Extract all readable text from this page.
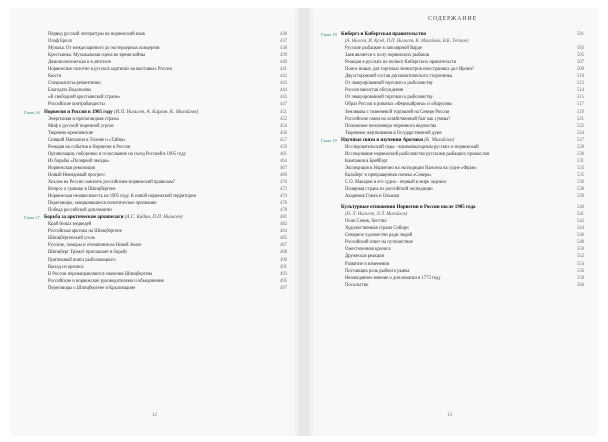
Первод русской литературы на норвежский язык	436
Олаф Бролл	437
Музыка. От межделариного до экстерьерных концертов	438
Крестьянка. Музыкальная сцена во время войны	439
Демонологическая и в апотеозе	440
Норвежское полотно в русских картинах на выставках России	441
Кюсти	442
Специалисты-ремонтники	443
Благодать Водопьяны	444
«В свободной крестьянской стране»	445
Российские контрабандисты	447
Глава 16 Норвегия и Россия в 1905 году (И.П. Нильсен, А. Карлин, К. Михайлов)	451
Энергиzная и пропагандная стража	452
Миф о русской тюремной угрозе	454
Тюремно-кремлевские	456
Спящий Наполеон в Тилоне и «Тайна»	457
Реакция на события в Норвегии в России	459
Организация, поборнико и голосование на съезд Россией в 1905 году	461
Из борьбы «Полярной звезды»	464
Норвежская революция	467
Новый Невидимый прогресс	469
Хохлов на России заяснить российским-норвежский правилам?	470
Вопрос о границе в Шпицбергене	472
Норвежская независимость на 1905 году. К новой норвежской территории	474
Переговоры, завершившиеся политическое признание	476
Победа российской дипломатии	478
Глава 17 Борьба за арктические архипелаги (А.С. Кадин, П.П. Нильсен)	481
Край белых медведей	482
Российская арктика на Шпицбергене	484
Шпицбергенский уголь	485
Русские, поморы и отношения на Новой Земле	487
Шпицберг Тромсё приглашает в борьбу	488
Притяжный кинга рыболовецкого	490
Выход из кризиса	491
В России перенаправляются значения Шпицбергена	493
Российские и норвежские руководителями и объединения	495
Переговоры о Шпицбергене и Крыловщине	497
12
СОДЕРЖАНИЕ
Глава 18 Кибергз и Кибергская правительство	501
(А. Нилсен, И. Кузеl, П.П. Нильсен, К. Михайлов, В.К. Тёстие)
Русские рыбацкие в заполярной Варде	503
Заяв является к полу норвежских рыбаков	505
Реакция в русских на полюсе Кибергских правительств	507
Поиск новых для торговых министров иностранных дел Ирони?	509
Двухсторонний состав дипломатического сторонника	510
От эвакуированной торговли к рыболовству	512
Россия мясистая обсуждения	514
От эвакуированной торговли к рыболовству	515
Образ России в романах «Ферокайрина» и «Нарулия»	517
Землякова с тюменевой торговлей на Севере России	519
Российские связи на хозяйственный быт как суммы?	521
Положение пенсионера тюремного ведомства	522
Тюремное жертвования в Государственной думе	524
Глава 19 Научные связи в изучении Арктики (К. Михайлов)	527
Исследовательский годы - взаимовыгодным русских и норвежский	528
Исследование норвежский рыболовство русскими рыбацких промыслов	530
Кампания в Брейбэрг	531
Экспедиция в Норвегию на экспедиции Нансена на судне «Фрам»	533
Кольберг и прекращенная съемка «Севера»	535
С.О. Макаров и его судно - первый в мире ледокол	536
Полярная страна из российской экспедиции	538
Академик Гомеа и Ольмаш	539
Культурные отношения Норвегии и России после 1905 года	540
(Н. Л. Нильсен, Л.Л. Михайлов)	541
Осип Сеник, бегство	542
Художественная страна Сибири	544
Северное художество ради людей	546
Российский ответ на путешествие	548
Ожесточенная кризиса	550
Дружеская реакция	552
Развитие и изменения	554
Поставщик роль рыбного рынка	556
Неожиданное мнение о дипломатии в 1773 году	558
Посольство	560
13
